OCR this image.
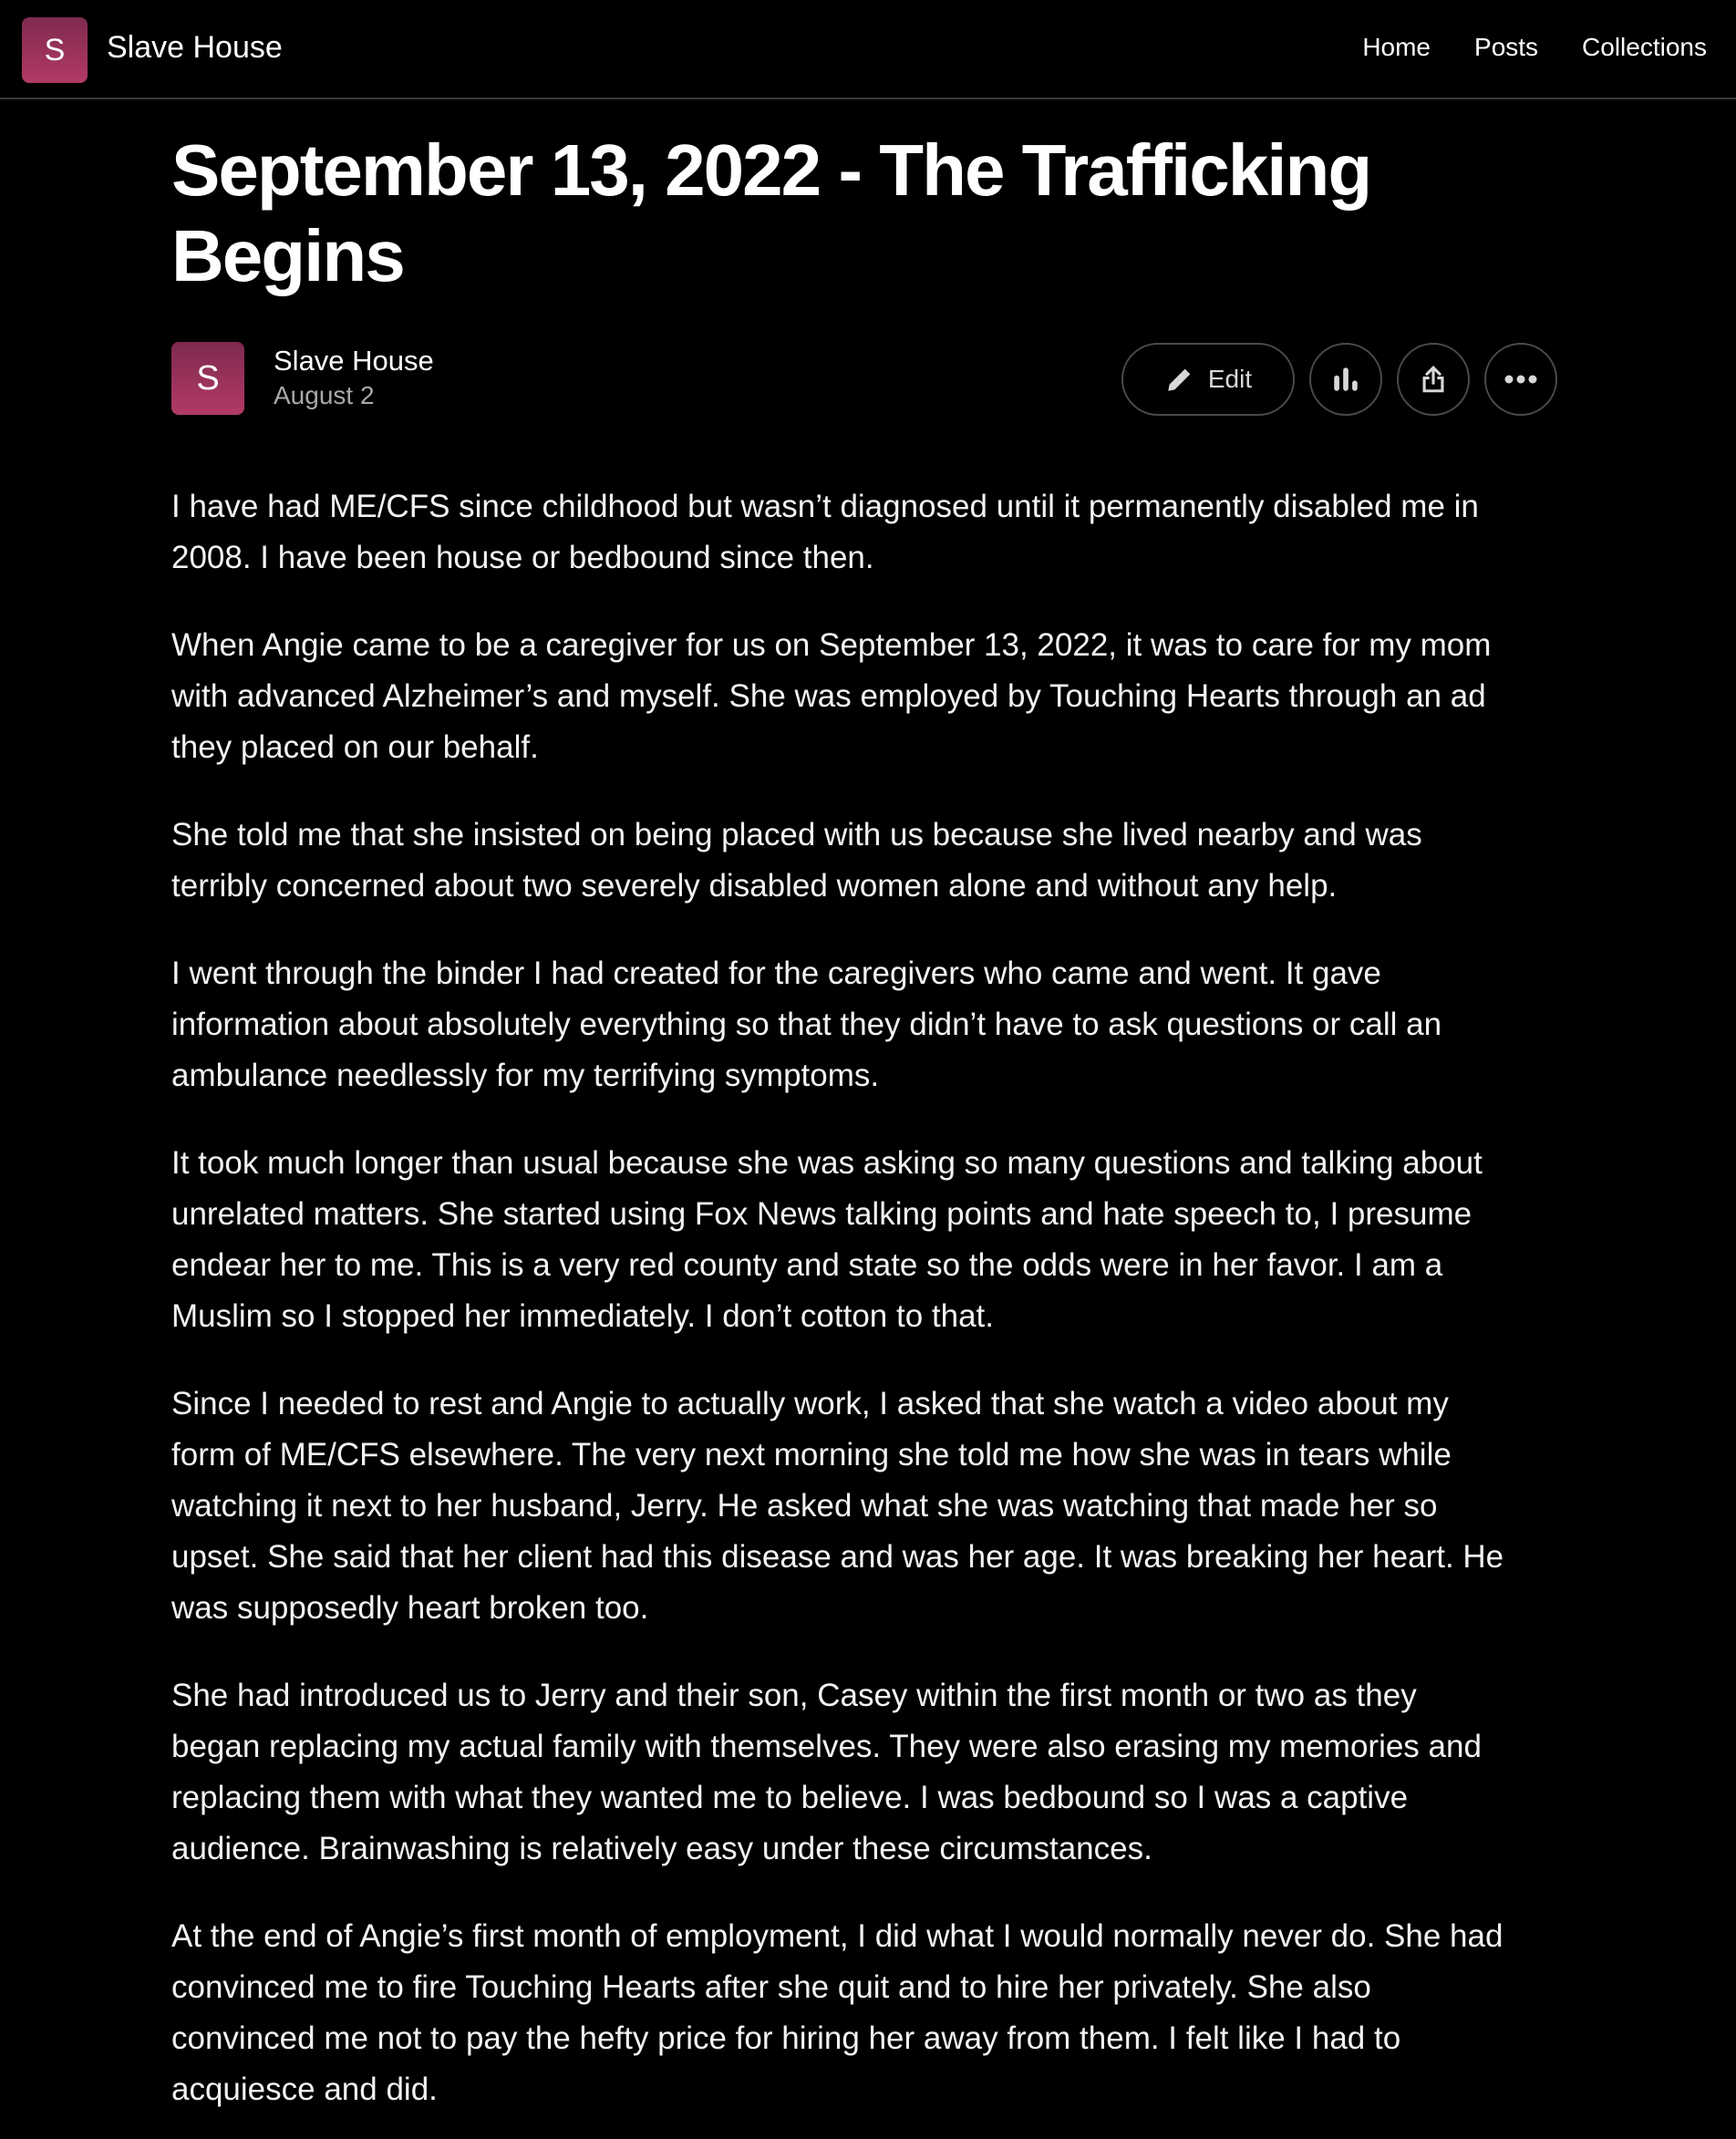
S Slave House	Home Posts Collections
September 13, 2022 - The Trafficking Begins
S Slave House
August 2
Edit

I have had ME/CFS since childhood but wasn’t diagnosed until it permanently disabled me in
2008. I have been house or bedbound since then.

When Angie came to be a caregiver for us on September 13, 2022, it was to care for my mom
with advanced Alzheimer’s and myself. She was employed by Touching Hearts through an ad
they placed on our behalf.

She told me that she insisted on being placed with us because she lived nearby and was
terribly concerned about two severely disabled women alone and without any help.

I went through the binder I had created for the caregivers who came and went. It gave
information about absolutely everything so that they didn’t have to ask questions or call an
ambulance needlessly for my terrifying symptoms.

It took much longer than usual because she was asking so many questions and talking about
unrelated matters. She started using Fox News talking points and hate speech to, I presume
endear her to me. This is a very red county and state so the odds were in her favor. I am a
Muslim so I stopped her immediately. I don’t cotton to that.

Since I needed to rest and Angie to actually work, I asked that she watch a video about my
form of ME/CFS elsewhere. The very next morning she told me how she was in tears while
watching it next to her husband, Jerry. He asked what she was watching that made her so
upset. She said that her client had this disease and was her age. It was breaking her heart. He
was supposedly heart broken too.

She had introduced us to Jerry and their son, Casey within the first month or two as they
began replacing my actual family with themselves. They were also erasing my memories and
replacing them with what they wanted me to believe. I was bedbound so I was a captive
audience. Brainwashing is relatively easy under these circumstances.

At the end of Angie’s first month of employment, I did what I would normally never do. She had
convinced me to fire Touching Hearts after she quit and to hire her privately. She also
convinced me not to pay the hefty price for hiring her away from them. I felt like I had to
acquiesce and did.
